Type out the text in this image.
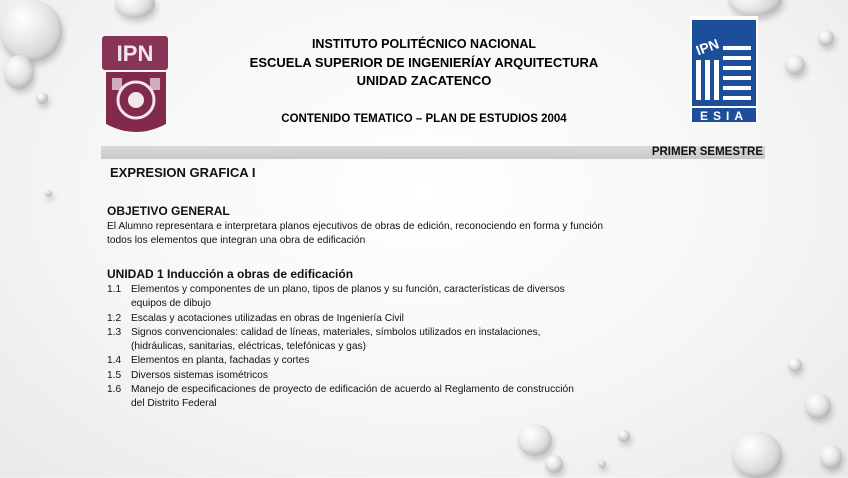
IPN	IPN
ESIA
INSTITUTO POLITÉCNICO NACIONAL
ESCUELA SUPERIOR DE INGENIERÍAY ARQUITECTURA
UNIDAD ZACATENCO
CONTENIDO TEMATICO – PLAN DE ESTUDIOS 2004
PRIMER SEMESTRE
EXPRESION GRAFICA I
OBJETIVO GENERAL
El Alumno representara e interpretara planos ejecutivos de obras de edición, reconociendo en forma y función
todos los elementos que integran una obra de edificación
UNIDAD 1 Inducción a obras de edificación
1.1 Elementos y componentes de un plano, tipos de planos y su función, características de diversos
equipos de dibujo
1.2 Escalas y acotaciones utilizadas en obras de Ingeniería Civil
1.3 Signos convencionales: calidad de líneas, materiales, símbolos utilizados en instalaciones,
(hidráulicas, sanitarias, eléctricas, telefónicas y gas)
1.4 Elementos en planta, fachadas y cortes
1.5 Diversos sistemas isométricos
1.6 Manejo de especificaciones de proyecto de edificación de acuerdo al Reglamento de construcción
del Distrito Federal
